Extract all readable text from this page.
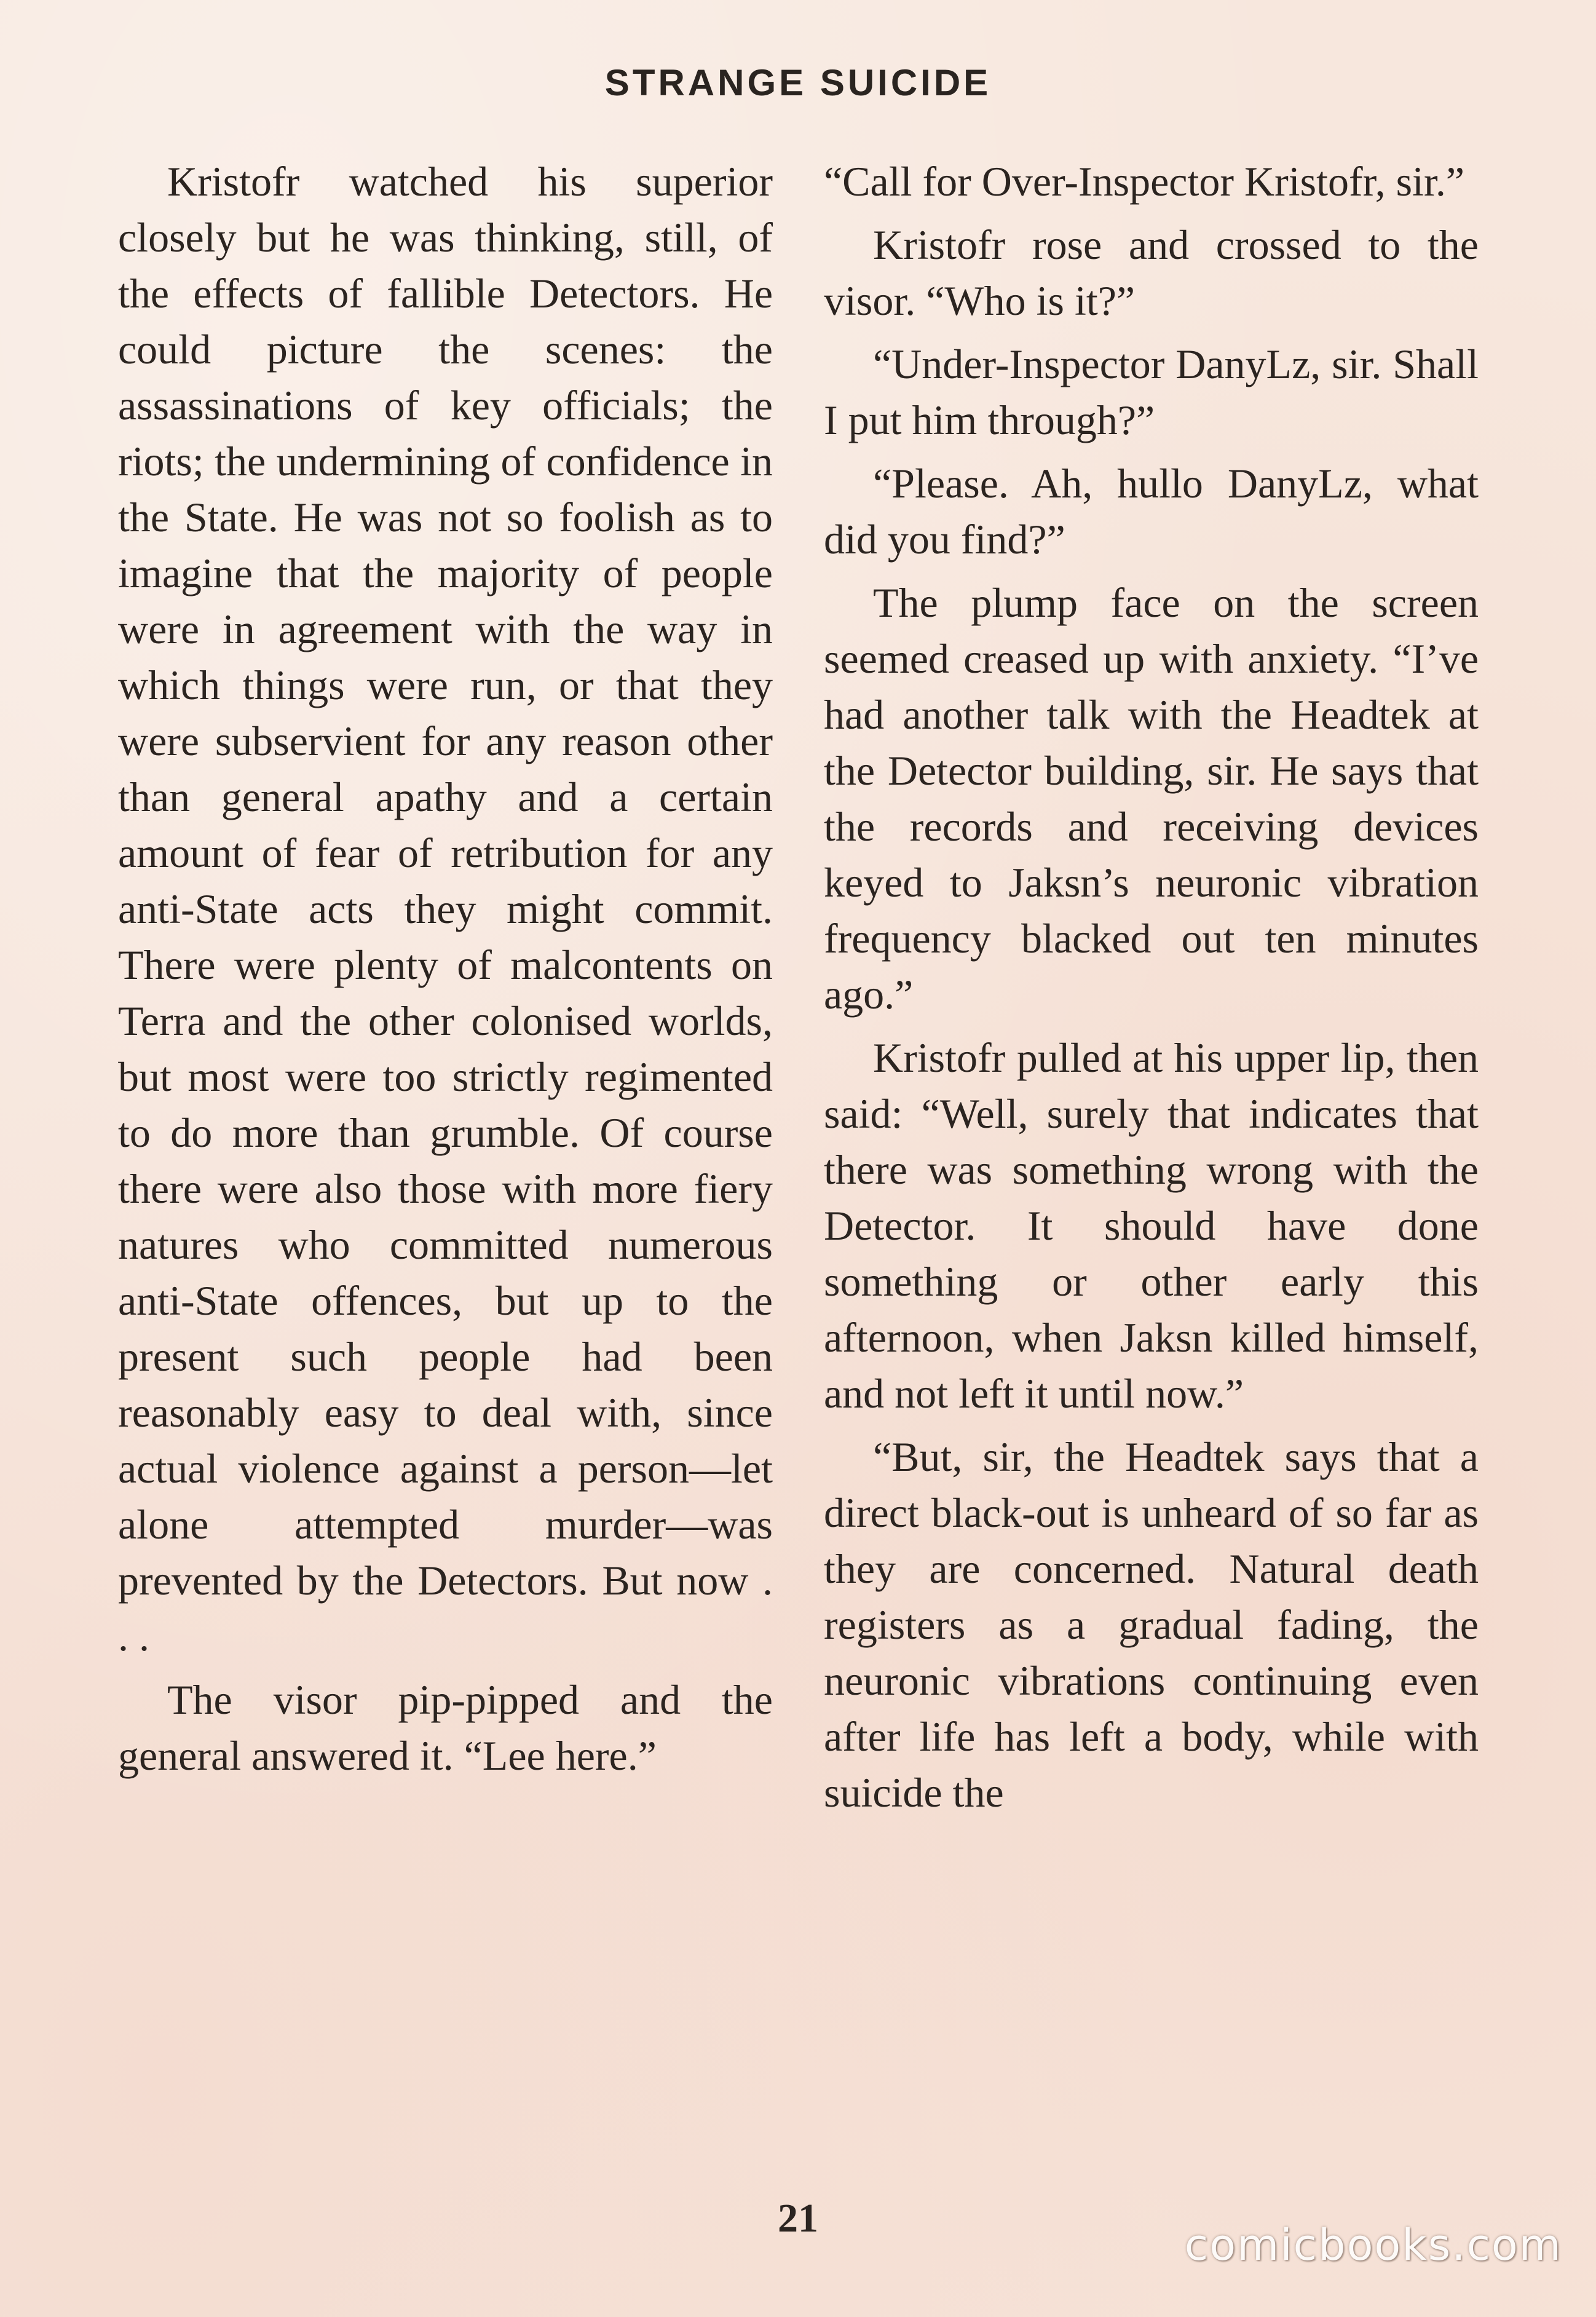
STRANGE SUICIDE

Kristofr watched his superior closely but he was thinking, still, of the effects of fallible Detectors. He could picture the scenes: the assassinations of key officials; the riots; the undermining of confidence in the State. He was not so foolish as to imagine that the majority of people were in agreement with the way in which things were run, or that they were subservient for any reason other than general apathy and a certain amount of fear of retribution for any anti-State acts they might commit. There were plenty of malcontents on Terra and the other colonised worlds, but most were too strictly regimented to do more than grumble. Of course there were also those with more fiery natures who committed numerous anti-State offences, but up to the present such people had been reasonably easy to deal with, since actual violence against a person—let alone attempted murder—was prevented by the Detectors. But now . . .

The visor pip-pipped and the general answered it. “Lee here.”

“Call for Over-Inspector Kristofr, sir.”

Kristofr rose and crossed to the visor. “Who is it?”

“Under-Inspector DanyLz, sir. Shall I put him through?”

“Please. Ah, hullo DanyLz, what did you find?”

The plump face on the screen seemed creased up with anxiety. “I’ve had another talk with the Headtek at the Detector building, sir. He says that the records and receiving devices keyed to Jaksn’s neuronic vibration frequency blacked out ten minutes ago.”

Kristofr pulled at his upper lip, then said: “Well, surely that indicates that there was something wrong with the Detector. It should have done something or other early this afternoon, when Jaksn killed himself, and not left it until now.”

“But, sir, the Headtek says that a direct black-out is unheard of so far as they are concerned. Natural death registers as a gradual fading, the neuronic vibrations continuing even after life has left a body, while with suicide the

21
comicbooks.com
